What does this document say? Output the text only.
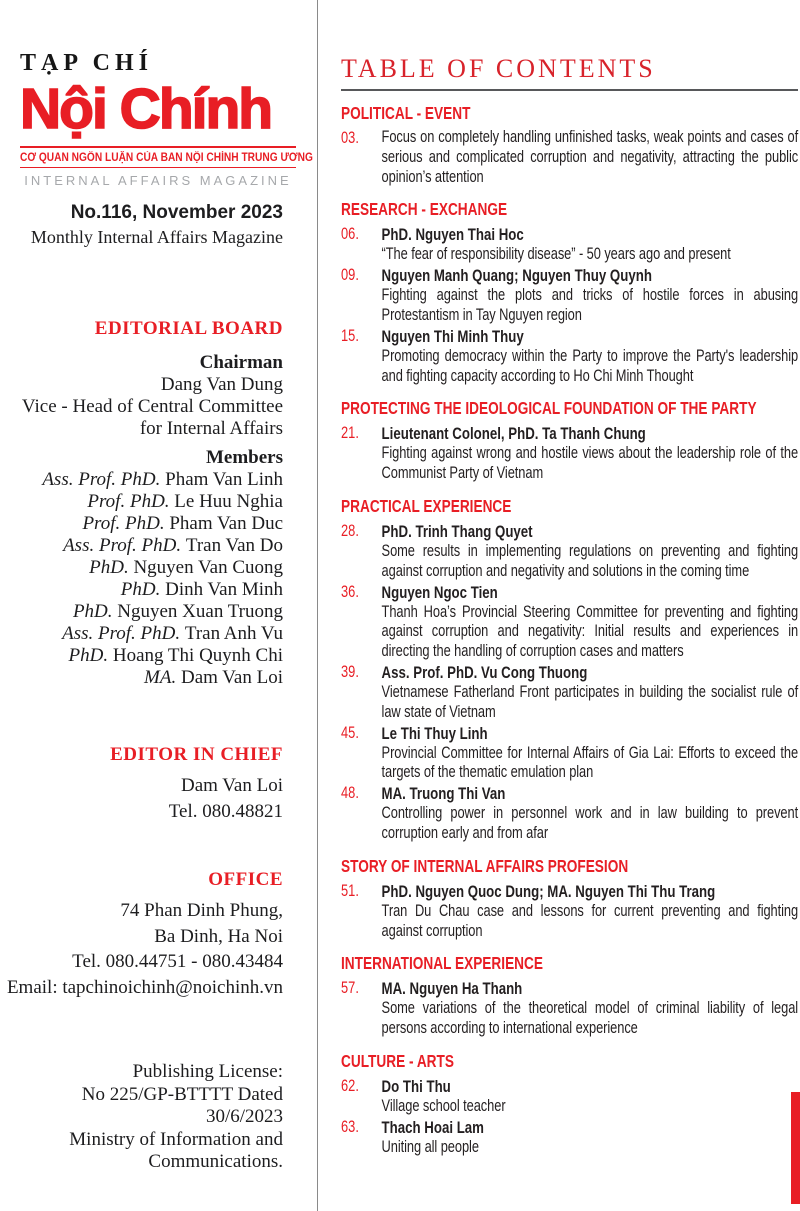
TẠP CHÍ
Nội Chính
CƠ QUAN NGÔN LUẬN CỦA BAN NỘI CHÍNH TRUNG ƯƠNG
INTERNAL AFFAIRS MAGAZINE
No.116, November 2023
Monthly Internal Affairs Magazine
EDITORIAL BOARD
Chairman
Dang Van Dung
Vice - Head of Central Committee
for Internal Affairs
Members
Ass. Prof. PhD. Pham Van Linh
Prof. PhD. Le Huu Nghia
Prof. PhD. Pham Van Duc
Ass. Prof. PhD. Tran Van Do
PhD. Nguyen Van Cuong
PhD. Dinh Van Minh
PhD. Nguyen Xuan Truong
Ass. Prof. PhD. Tran Anh Vu
PhD. Hoang Thi Quynh Chi
MA. Dam Van Loi
EDITOR IN CHIEF
Dam Van Loi
Tel. 080.48821
OFFICE
74 Phan Dinh Phung,
Ba Dinh, Ha Noi
Tel. 080.44751 - 080.43484
Email: tapchinoichinh@noichinh.vn
Publishing License:
No 225/GP-BTTTT Dated 30/6/2023
Ministry of Information and
Communications.
TABLE OF CONTENTS
POLITICAL - EVENT
03.	Focus on completely handling unfinished tasks, weak points and cases of serious and complicated corruption and negativity, attracting the public opinion’s attention
RESEARCH - EXCHANGE
06.	PhD. Nguyen Thai Hoc
“The fear of responsibility disease” - 50 years ago and present
09.	Nguyen Manh Quang; Nguyen Thuy Quynh
Fighting against the plots and tricks of hostile forces in abusing Protestantism in Tay Nguyen region
15.	Nguyen Thi Minh Thuy
Promoting democracy within the Party to improve the Party's leadership and fighting capacity according to Ho Chi Minh Thought
PROTECTING THE IDEOLOGICAL FOUNDATION OF THE PARTY
21.	Lieutenant Colonel, PhD. Ta Thanh Chung
Fighting against wrong and hostile views about the leadership role of the Communist Party of Vietnam
PRACTICAL EXPERIENCE
28.	PhD. Trinh Thang Quyet
Some results in implementing regulations on preventing and fighting against corruption and negativity and solutions in the coming time
36.	Nguyen Ngoc Tien
Thanh Hoa’s Provincial Steering Committee for preventing and fighting against corruption and negativity: Initial results and experiences in directing the handling of corruption cases and matters
39.	Ass. Prof. PhD. Vu Cong Thuong
Vietnamese Fatherland Front participates in building the socialist rule of law state of Vietnam
45.	Le Thi Thuy Linh
Provincial Committee for Internal Affairs of Gia Lai: Efforts to exceed the targets of the thematic emulation plan
48.	MA. Truong Thi Van
Controlling power in personnel work and in law building to prevent corruption early and from afar
STORY OF INTERNAL AFFAIRS PROFESION
51.	PhD. Nguyen Quoc Dung; MA. Nguyen Thi Thu Trang
Tran Du Chau case and lessons for current preventing and fighting against corruption
INTERNATIONAL EXPERIENCE
57.	MA. Nguyen Ha Thanh
Some variations of the theoretical model of criminal liability of legal persons according to international experience
CULTURE - ARTS
62.	Do Thi Thu
Village school teacher
63.	Thach Hoai Lam
Uniting all people
